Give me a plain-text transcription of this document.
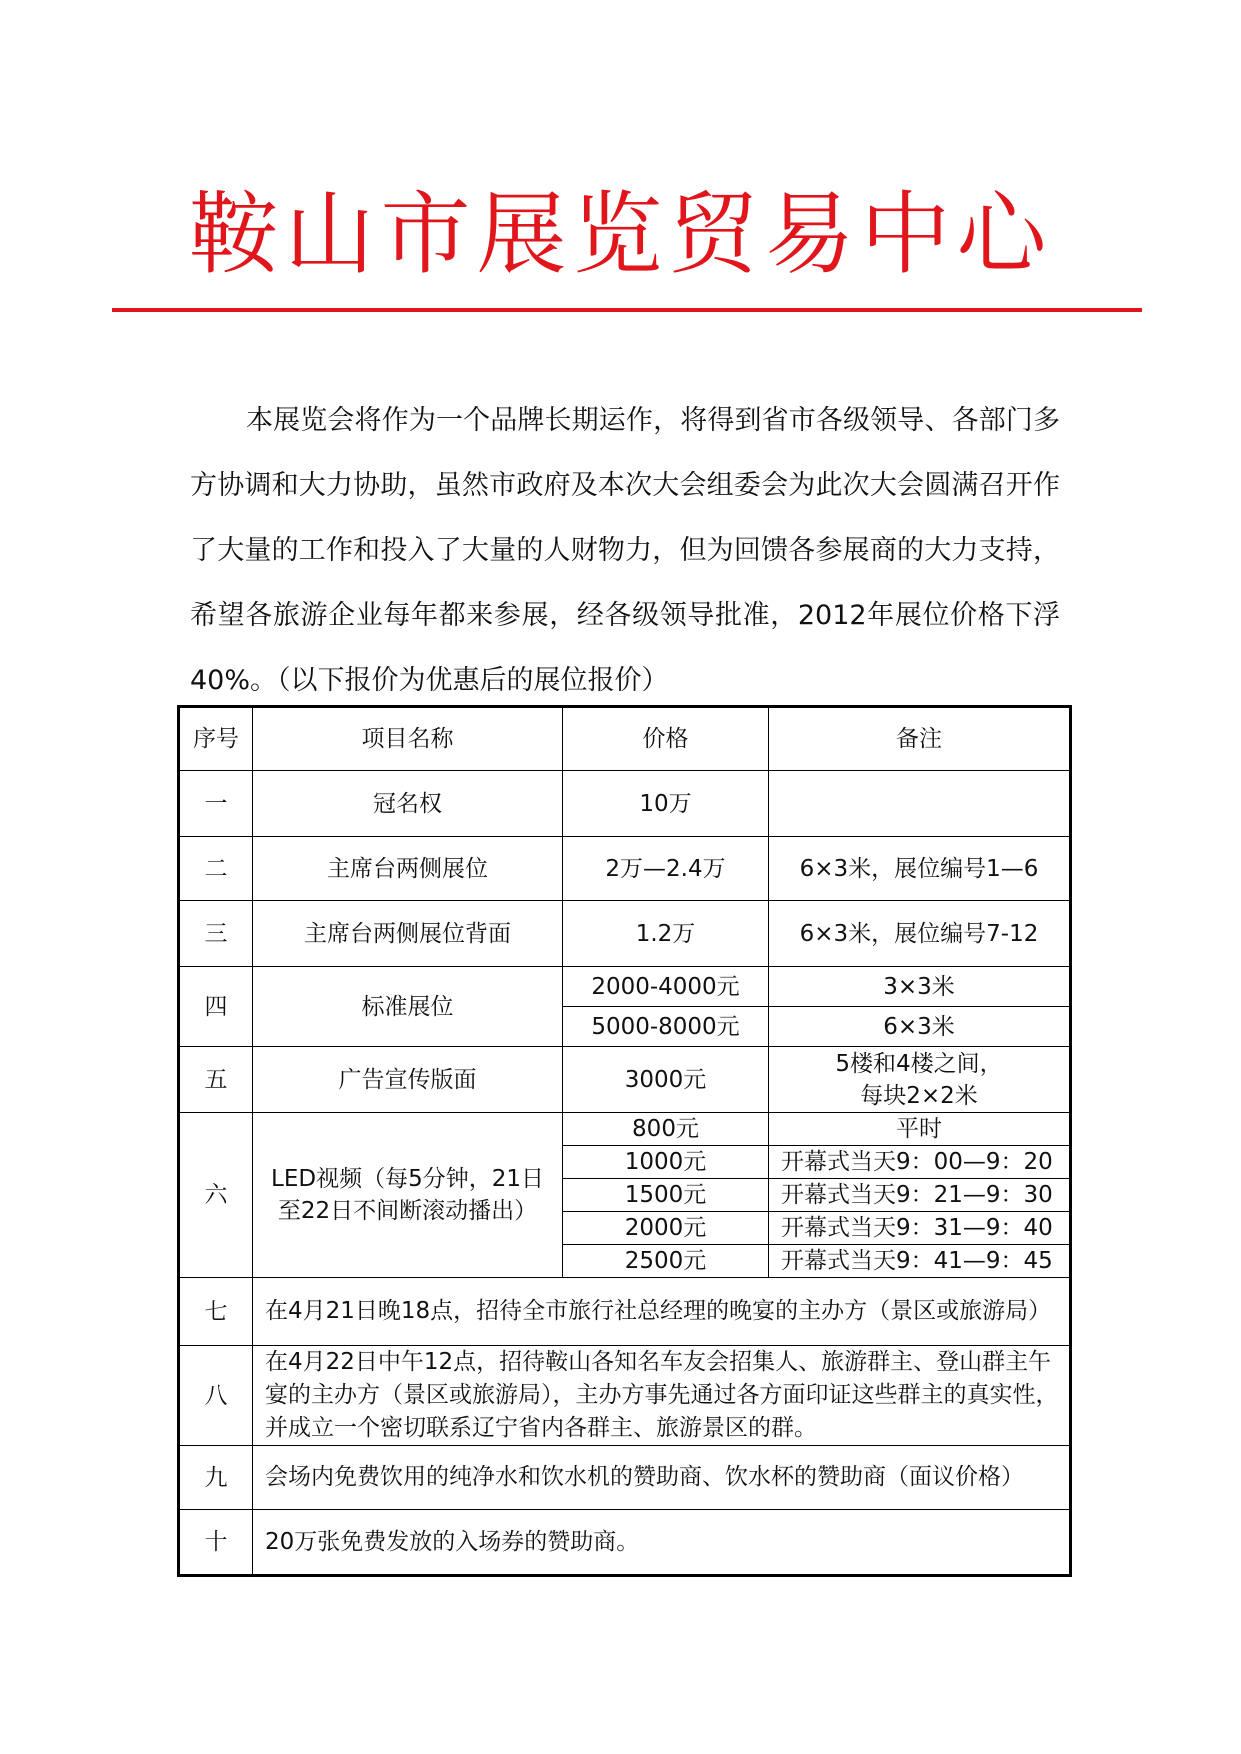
鞍山市展览贸易中心

本展览会将作为一个品牌长期运作，将得到省市各级领导、各部门多方协调和大力协助，虽然市政府及本次大会组委会为此次大会圆满召开作了大量的工作和投入了大量的人财物力，但为回馈各参展商的大力支持，希望各旅游企业每年都来参展，经各级领导批准，2012年展位价格下浮40%。（以下报价为优惠后的展位报价）

序号	项目名称	价格	备注
一	冠名权	10万	
二	主席台两侧展位	2万—2.4万	6×3米，展位编号1—6
三	主席台两侧展位背面	1.2万	6×3米，展位编号7-12
四	标准展位	2000-4000元	3×3米
		5000-8000元	6×3米
五	广告宣传版面	3000元	5楼和4楼之间，
每块2×2米
六	LED视频（每5分钟，21日至22日不间断滚动播出）	800元	平时
		1000元	开幕式当天9：00—9：20
		1500元	开幕式当天9：21—9：30
		2000元	开幕式当天9：31—9：40
		2500元	开幕式当天9：41—9：45
七	在4月21日晚18点，招待全市旅行社总经理的晚宴的主办方（景区或旅游局）		
八	在4月22日中午12点，招待鞍山各知名车友会招集人、旅游群主、登山群主午宴的主办方（景区或旅游局），主办方事先通过各方面印证这些群主的真实性，并成立一个密切联系辽宁省内各群主、旅游景区的群。		
九	会场内免费饮用的纯净水和饮水机的赞助商、饮水杯的赞助商（面议价格）		
十	20万张免费发放的入场券的赞助商。		
